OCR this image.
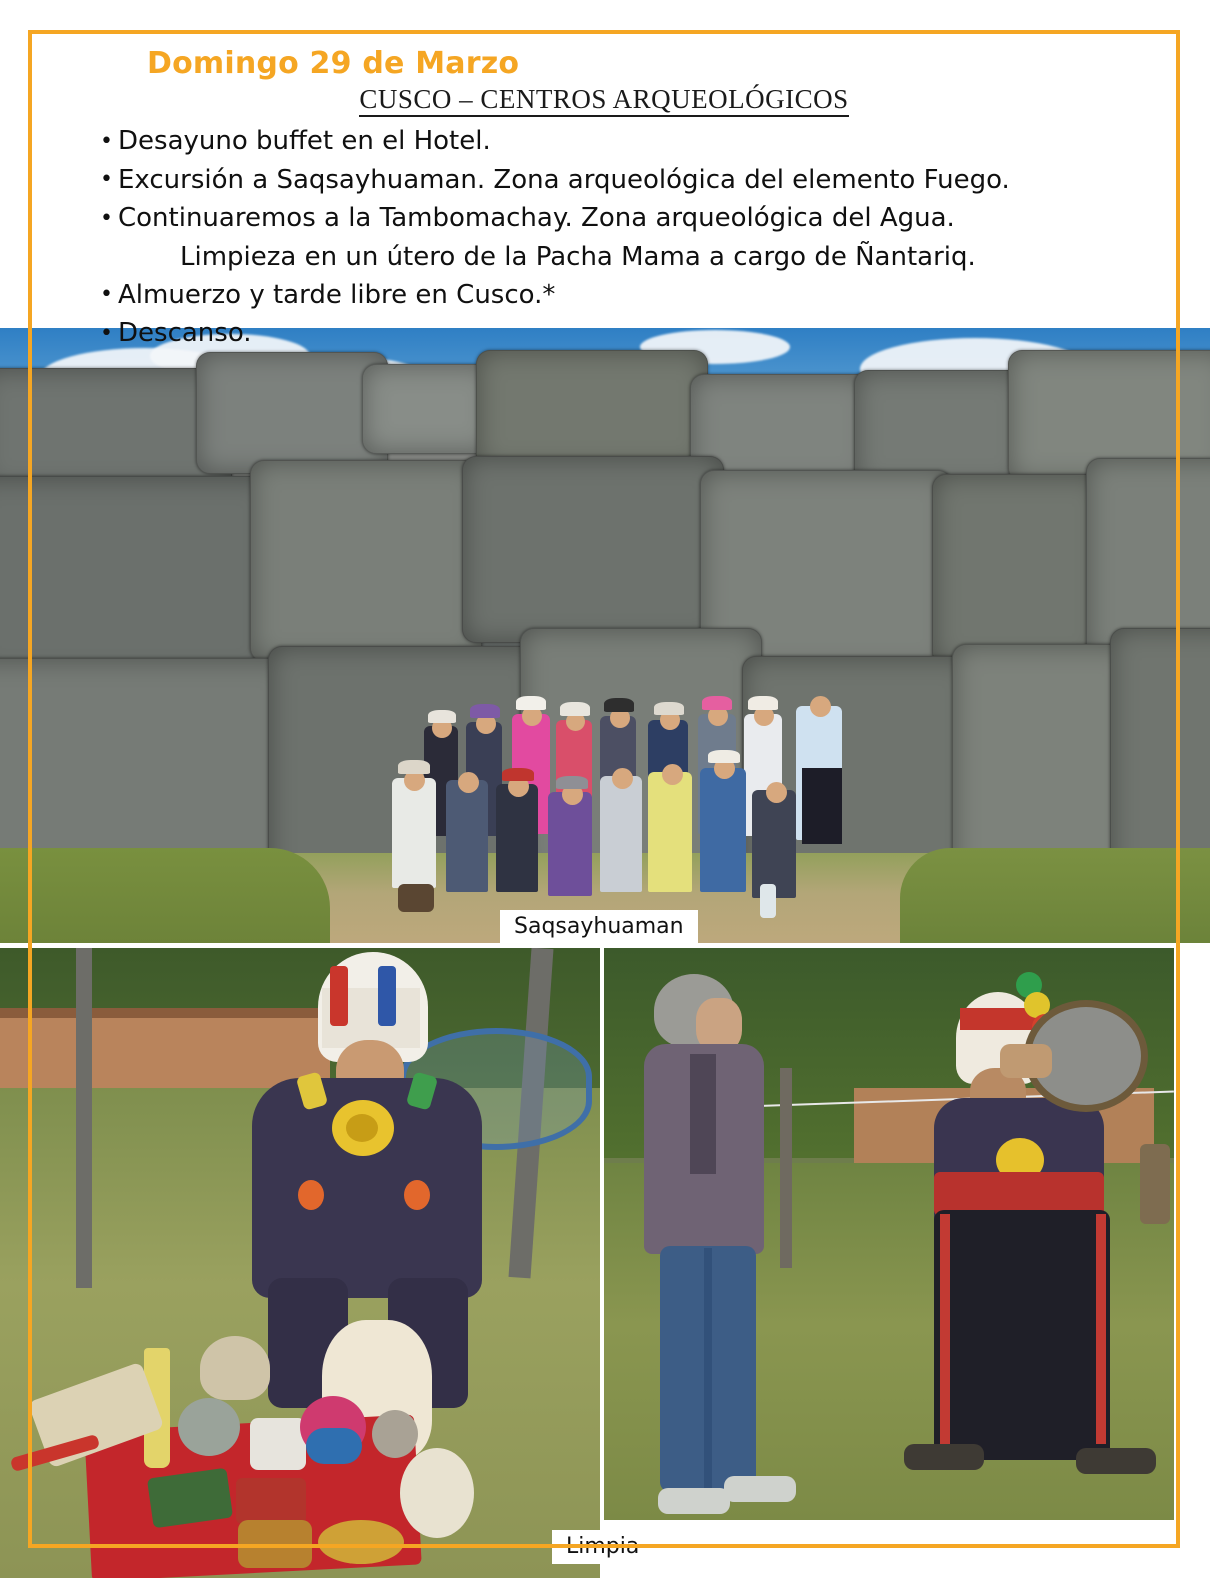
Saqsayhuaman
Limpia
Domingo 29 de Marzo
CUSCO – CENTROS ARQUEOLÓGICOS
• Desayuno buffet en el Hotel.
• Excursión a Saqsayhuaman. Zona arqueológica del elemento Fuego.
• Continuaremos a la Tambomachay. Zona arqueológica del Agua.
Limpieza en un útero de la Pacha Mama a cargo de Ñantariq.
• Almuerzo y tarde libre en Cusco.*
• Descanso.
